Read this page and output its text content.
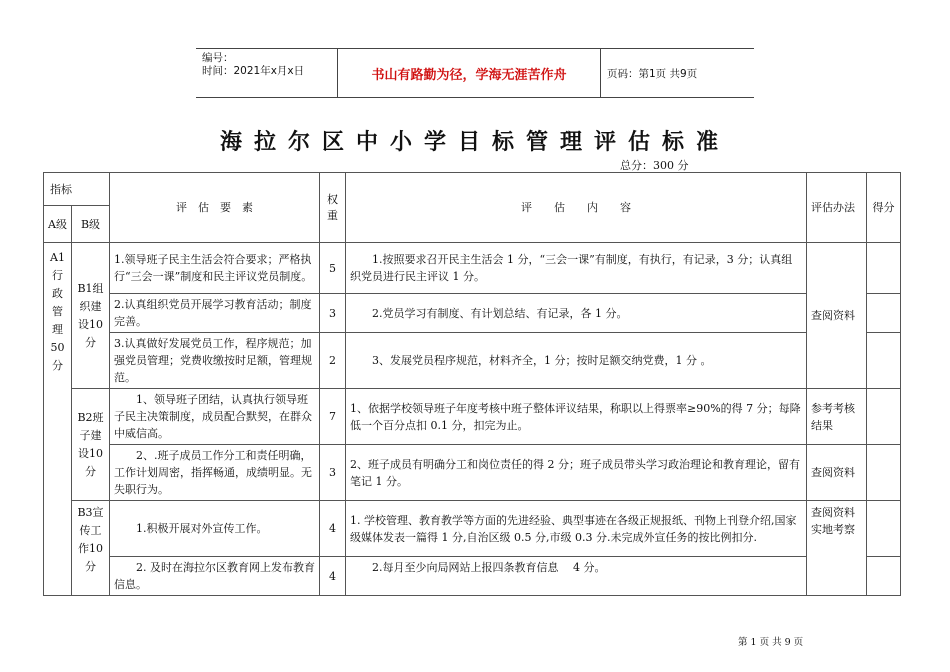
编号：
时间：2021年x月x日	书山有路勤为径，学海无涯苦作舟	页码：第1页 共9页
海拉尔区中小学目标管理评估标准
总分：300 分
指标		评　估　要　素	权重	评　　估　　内　　容	评估办法	得分
A级	B级					
A1行政管理50分	B1组织建设10分	1.领导班子民主生活会符合要求；严格执行“三会一课”制度和民主评议党员制度。	5	1.按照要求召开民主生活会 1 分，“三会一课”有制度，有执行，有记录，3 分；认真组织党员进行民主评议 1 分。	查阅资料	
		2.认真组织党员开展学习教育活动；制度完善。	3	2.党员学习有制度、有计划总结、有记录，各 1 分。		
		3.认真做好发展党员工作，程序规范；加强党员管理；党费收缴按时足额，管理规范。	2	3、发展党员程序规范，材料齐全，1 分；按时足额交纳党费，1 分 。		
	B2班子建设10分	1、领导班子团结，认真执行领导班子民主决策制度，成员配合默契，在群众中威信高。	7	1、依据学校领导班子年度考核中班子整体评议结果，称职以上得票率≥90%的得 7 分；每降低一个百分点扣 0.1 分，扣完为止。	参考考核结果	
		2、.班子成员工作分工和责任明确，工作计划周密，指挥畅通，成绩明显。无失职行为。	3	2、班子成员有明确分工和岗位责任的得 2 分；班子成员带头学习政治理论和教育理论，留有笔记 1 分。	查阅资料	
	B3宣传工作10分	1.积极开展对外宣传工作。	4	1. 学校管理、教育教学等方面的先进经验、典型事迹在各级正规报纸、刊物上刊登介绍,国家级媒体发表一篇得 1 分,自治区级 0.5 分,市级 0.3 分.未完成外宣任务的按比例扣分.	查阅资料实地考察	
		2. 及时在海拉尔区教育网上发布教育信息。	4	2.每月至少向局网站上报四条教育信息　 4 分。		
第 1 页 共 9 页
